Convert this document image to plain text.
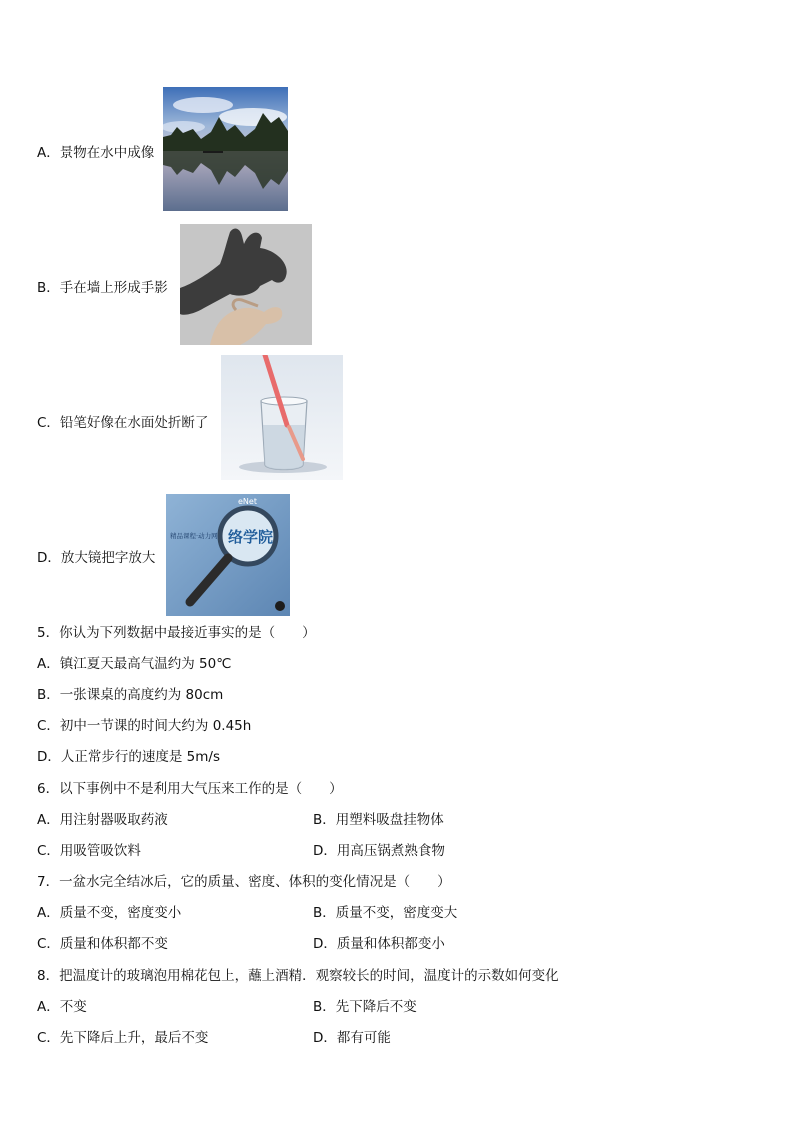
A．景物在水中成像
B．手在墙上形成手影
C．铅笔好像在水面处折断了
D．放大镜把字放大
eNet
精品课程·动力网 络学院
5．你认为下列数据中最接近事实的是（　　）
A．镇江夏天最高气温约为 50℃
B．一张课桌的高度约为 80cm
C．初中一节课的时间大约为 0.45h
D．人正常步行的速度是 5m/s
6．以下事例中不是利用大气压来工作的是（　　）
A．用注射器吸取药液	B．用塑料吸盘挂物体
C．用吸管吸饮料	D．用高压锅煮熟食物
7．一盆水完全结冰后，它的质量、密度、体积的变化情况是（　　）
A．质量不变，密度变小	B．质量不变，密度变大
C．质量和体积都不变	D．质量和体积都变小
8．把温度计的玻璃泡用棉花包上，蘸上酒精．观察较长的时间，温度计的示数如何变化
A．不变	B．先下降后不变
C．先下降后上升，最后不变	D．都有可能
